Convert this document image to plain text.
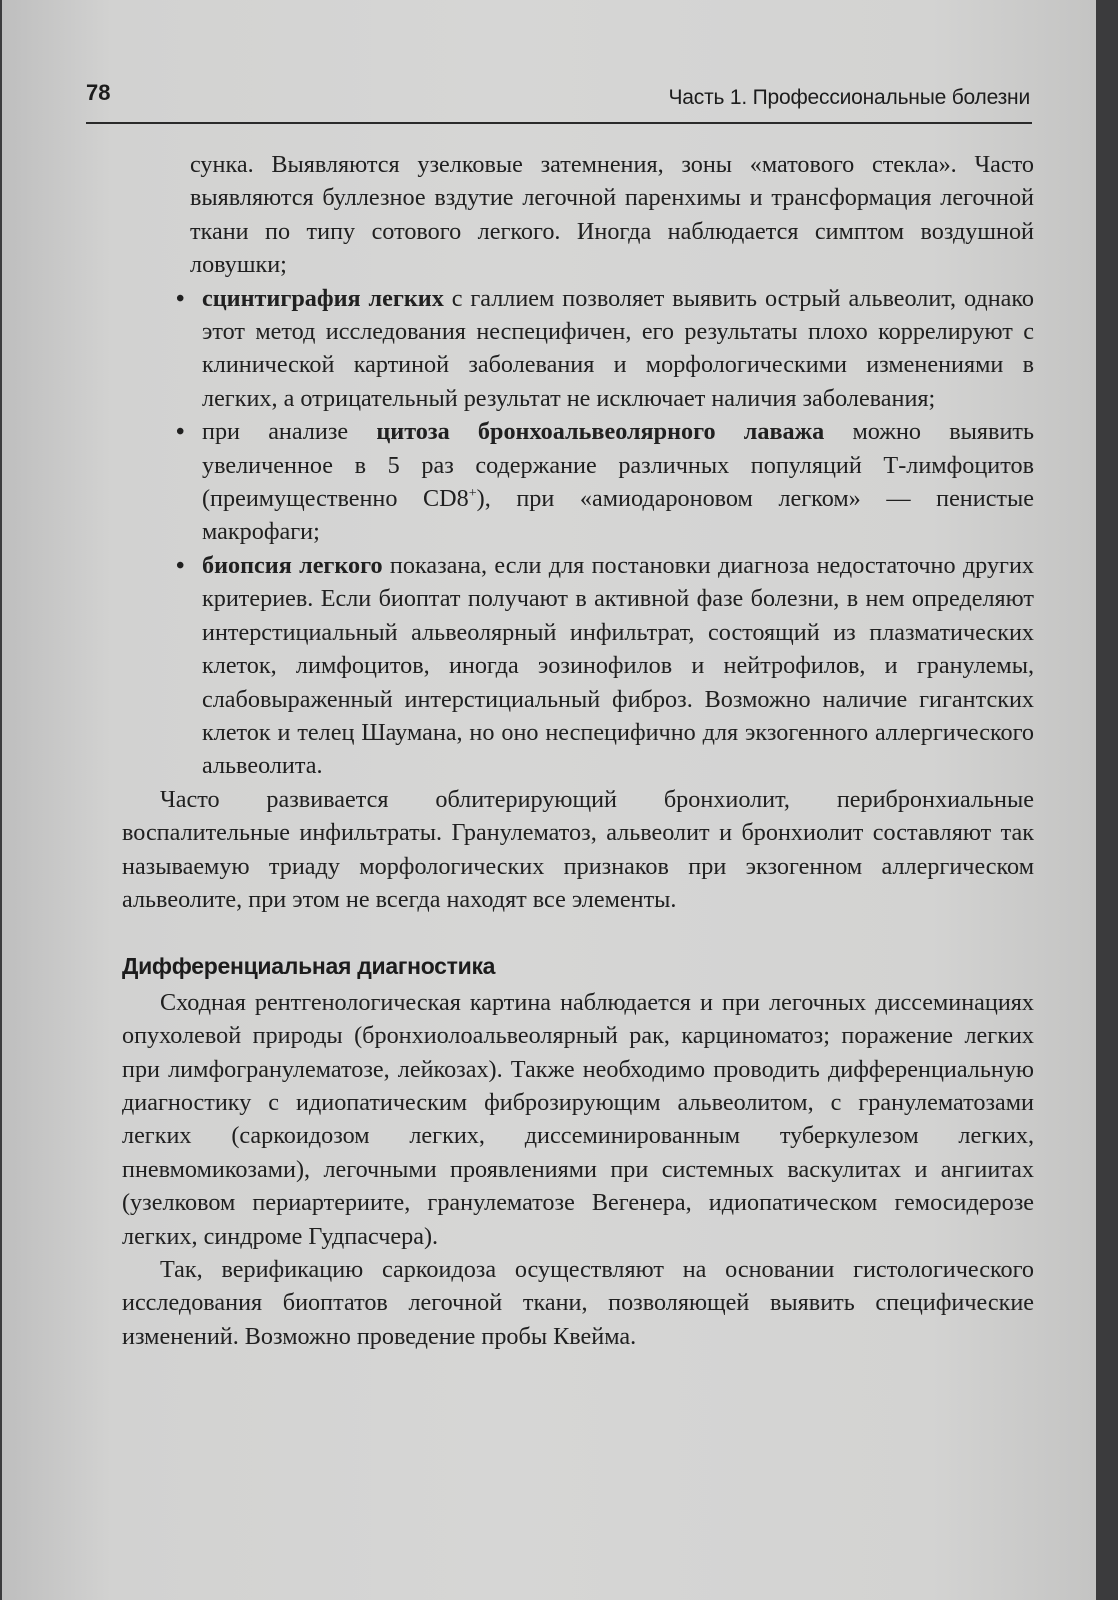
78	Часть 1. Профессиональные болезни

сунка. Выявляются узелковые затемнения, зоны «матового стекла». Часто выявляются буллезное вздутие легочной паренхимы и трансформация легочной ткани по типу сотового легкого. Иногда наблюдается симптом воздушной ловушки;

• сцинтиграфия легких с галлием позволяет выявить острый альвеолит, однако этот метод исследования неспецифичен, его результаты плохо коррелируют с клинической картиной заболевания и морфологическими изменениями в легких, а отрицательный результат не исключает наличия заболевания;
• при анализе цитоза бронхоальвеолярного лаважа можно выявить увеличенное в 5 раз содержание различных популяций Т-лимфоцитов (преимущественно CD8+), при «амиодароновом легком» — пенистые макрофаги;
• биопсия легкого показана, если для постановки диагноза недостаточно других критериев. Если биоптат получают в активной фазе болезни, в нем определяют интерстициальный альвеолярный инфильтрат, состоящий из плазматических клеток, лимфоцитов, иногда эозинофилов и нейтрофилов, и гранулемы, слабовыраженный интерстициальный фиброз. Возможно наличие гигантских клеток и телец Шаумана, но оно неспецифично для экзогенного аллергического альвеолита.

Часто развивается облитерирующий бронхиолит, перибронхиальные воспалительные инфильтраты. Гранулематоз, альвеолит и бронхиолит составляют так называемую триаду морфологических признаков при экзогенном аллергическом альвеолите, при этом не всегда находят все элементы.

Дифференциальная диагностика

Сходная рентгенологическая картина наблюдается и при легочных диссеминациях опухолевой природы (бронхиолоальвеолярный рак, карциноматоз; поражение легких при лимфогранулематозе, лейкозах). Также необходимо проводить дифференциальную диагностику с идиопатическим фиброзирующим альвеолитом, с гранулематозами легких (саркоидозом легких, диссеминированным туберкулезом легких, пневмомикозами), легочными проявлениями при системных васкулитах и ангиитах (узелковом периартериите, гранулематозе Вегенера, идиопатическом гемосидерозе легких, синдроме Гудпасчера).

Так, верификацию саркоидоза осуществляют на основании гистологического исследования биоптатов легочной ткани, позволяющей выявить специфические изменений. Возможно проведение пробы Квейма.
